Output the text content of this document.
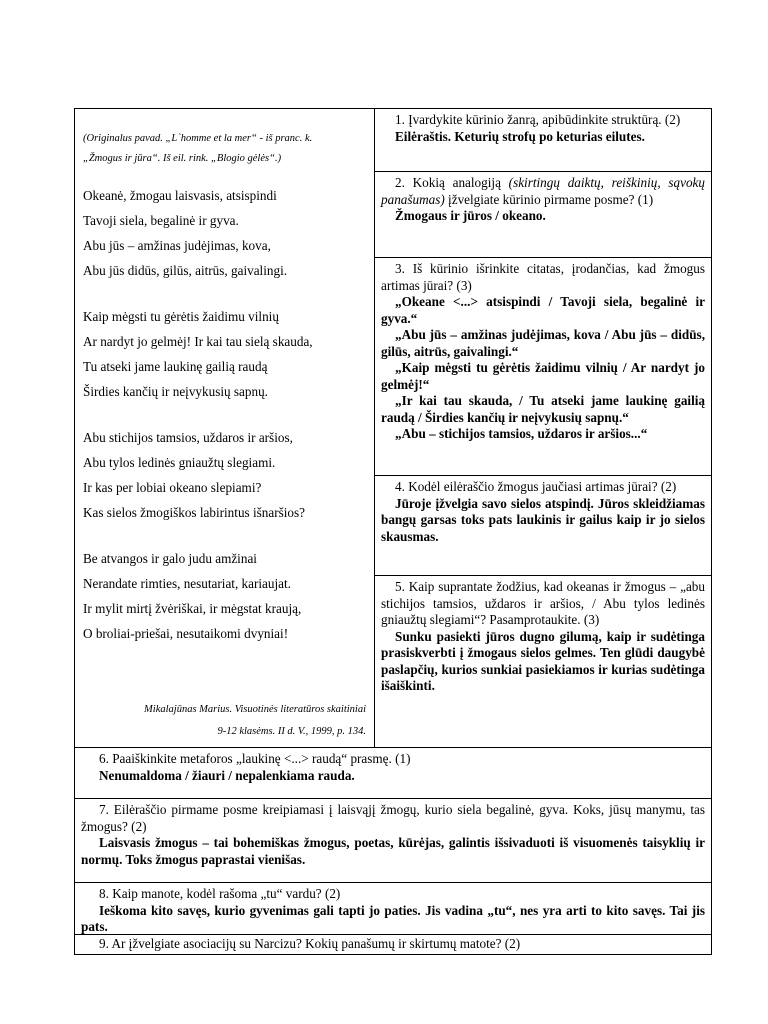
(Originalus pavad. „L`homme et la mer“ - iš pranc. k.
„Žmogus ir jūra“. Iš eil. rink. „Blogio gėlės“.)
Okeanė, žmogau laisvasis, atsispindi
Tavoji siela, begalinė ir gyva.
Abu jūs – amžinas judėjimas, kova,
Abu jūs didūs, gilūs, aitrūs, gaivalingi.
Kaip mėgsti tu gėrėtis žaidimu vilnių
Ar nardyt jo gelmėj! Ir kai tau sielą skauda,
Tu atseki jame laukinę gailią raudą
Širdies kančių ir neįvykusių sapnų.
Abu stichijos tamsios, uždaros ir aršios,
Abu tylos ledinės gniaužtų slegiami.
Ir kas per lobiai okeano slepiami?
Kas sielos žmogiškos labirintus išnaršios?
Be atvangos ir galo judu amžinai
Nerandate rimties, nesutariat, kariaujat.
Ir mylit mirtį žvėriškai, ir mėgstat kraują,
O broliai-priešai, nesutaikomi dvyniai!
Mikalajūnas Marius. Visuotinės literatūros skaitiniai
9-12 klasėms. II d. V., 1999, p. 134.
1. Įvardykite kūrinio žanrą, apibūdinkite struktūrą. (2)
Eilėraštis. Keturių strofų po keturias eilutes.
2. Kokią analogiją (skirtingų daiktų, reiškinių, sąvokų panašumas) įžvelgiate kūrinio pirmame posme? (1)
Žmogaus ir jūros / okeano.
3. Iš kūrinio išrinkite citatas, įrodančias, kad žmogus artimas jūrai? (3)
„Okeane <...> atsispindi / Tavoji siela, begalinė ir gyva.“
„Abu jūs – amžinas judėjimas, kova / Abu jūs – didūs, gilūs, aitrūs, gaivalingi.“
„Kaip mėgsti tu gėrėtis žaidimu vilnių / Ar nardyt jo gelmėj!“
„Ir kai tau skauda, / Tu atseki jame laukinę gailią raudą / Širdies kančių ir neįvykusių sapnų.“
„Abu – stichijos tamsios, uždaros ir aršios...“
4. Kodėl eilėraščio žmogus jaučiasi artimas jūrai? (2)
Jūroje įžvelgia savo sielos atspindį. Jūros skleidžiamas bangų garsas toks pats laukinis ir gailus kaip ir jo sielos skausmas.
5. Kaip suprantate žodžius, kad okeanas ir žmogus – „abu stichijos tamsios, uždaros ir aršios, / Abu tylos ledinės gniaužtų slegiami“? Pasamprotaukite. (3)
Sunku pasiekti jūros dugno gilumą, kaip ir sudėtinga prasiskverbti į žmogaus sielos gelmes. Ten glūdi daugybė paslapčių, kurios sunkiai pasiekiamos ir kurias sudėtinga išaiškinti.
6. Paaiškinkite metaforos „laukinę <...> raudą“ prasmę. (1)
Nenumaldoma / žiauri / nepalenkiama rauda.
7. Eilėraščio pirmame posme kreipiamasi į laisvąjį žmogų, kurio siela begalinė, gyva. Koks, jūsų manymu, tas žmogus? (2)
Laisvasis žmogus – tai bohemiškas žmogus, poetas, kūrėjas, galintis išsivaduoti iš visuomenės taisyklių ir normų. Toks žmogus paprastai vienišas.
8. Kaip manote, kodėl rašoma „tu“ vardu? (2)
Ieškoma kito savęs, kurio gyvenimas gali tapti jo paties. Jis vadina „tu“, nes yra arti to kito savęs. Tai jis pats.
9. Ar įžvelgiate asociacijų su Narcizu? Kokių panašumų ir skirtumų matote? (2)
